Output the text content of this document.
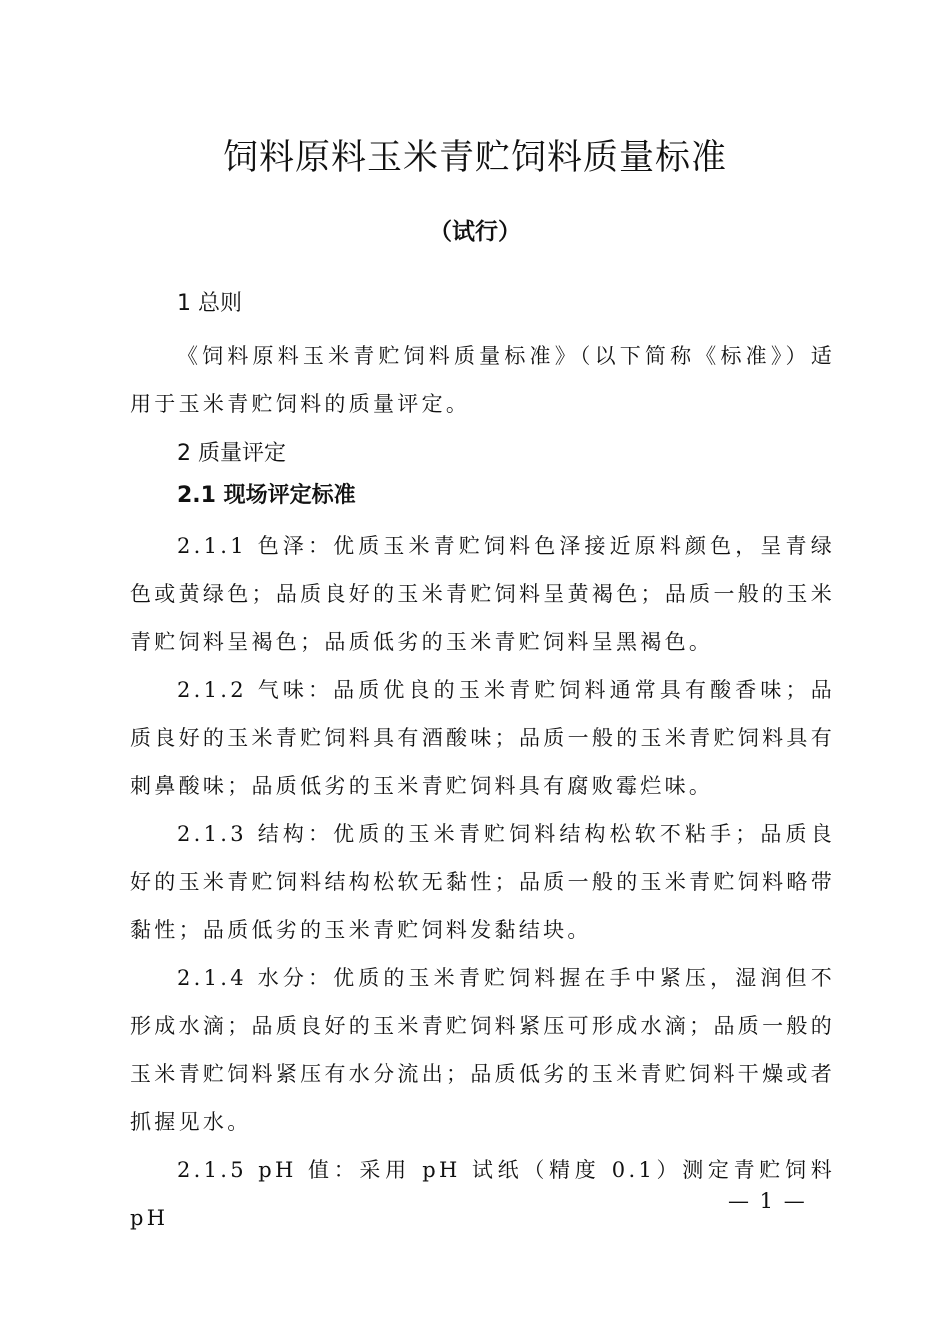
饲料原料玉米青贮饲料质量标准
（试行）

1 总则

《饲料原料玉米青贮饲料质量标准》（以下简称《标准》）适用于玉米青贮饲料的质量评定。

2 质量评定

2.1 现场评定标准

2.1.1 色泽：优质玉米青贮饲料色泽接近原料颜色，呈青绿色或黄绿色；品质良好的玉米青贮饲料呈黄褐色；品质一般的玉米青贮饲料呈褐色；品质低劣的玉米青贮饲料呈黑褐色。

2.1.2 气味：品质优良的玉米青贮饲料通常具有酸香味；品质良好的玉米青贮饲料具有酒酸味；品质一般的玉米青贮饲料具有刺鼻酸味；品质低劣的玉米青贮饲料具有腐败霉烂味。

2.1.3 结构：优质的玉米青贮饲料结构松软不粘手；品质良好的玉米青贮饲料结构松软无黏性；品质一般的玉米青贮饲料略带黏性；品质低劣的玉米青贮饲料发黏结块。

2.1.4 水分：优质的玉米青贮饲料握在手中紧压，湿润但不形成水滴；品质良好的玉米青贮饲料紧压可形成水滴；品质一般的玉米青贮饲料紧压有水分流出；品质低劣的玉米青贮饲料干燥或者抓握见水。

2.1.5 pH 值：采用 pH 试纸（精度 0.1）测定青贮饲料 pH

— 1 —
